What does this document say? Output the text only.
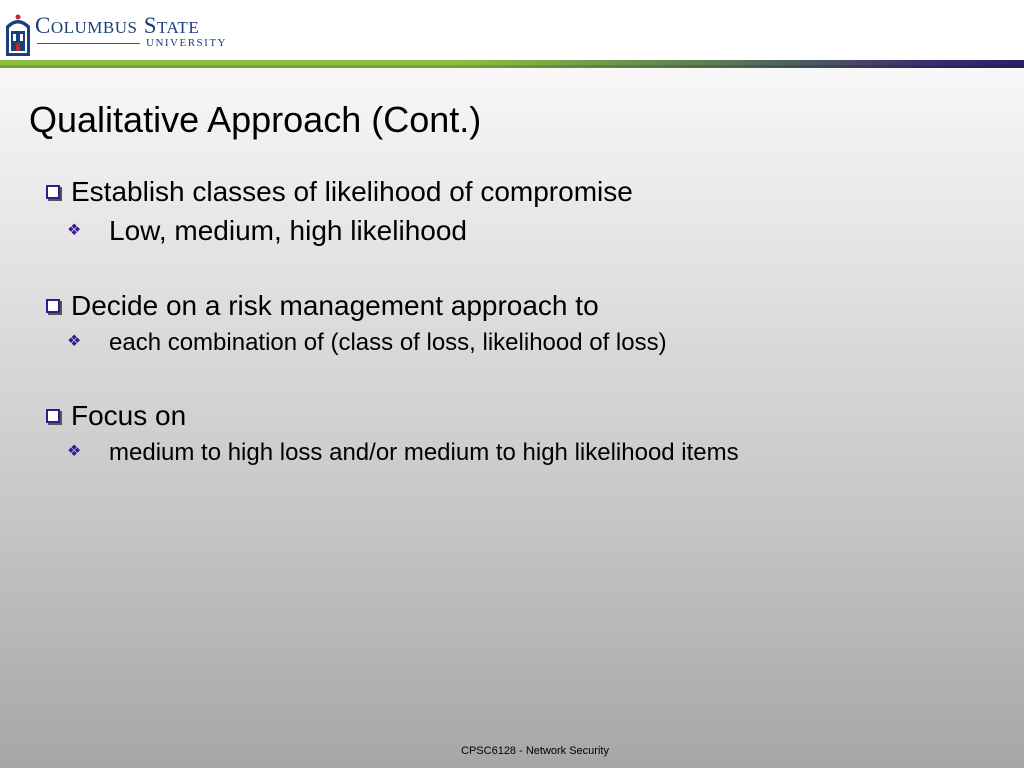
COLUMBUS STATE
UNIVERSITY
Qualitative Approach (Cont.)
Establish classes of likelihood of compromise
❖ Low, medium, high likelihood
Decide on a risk management approach to
❖ each combination of (class of loss, likelihood of loss)
Focus on
❖ medium to high loss and/or medium to high likelihood items
CPSC6128 - Network Security
